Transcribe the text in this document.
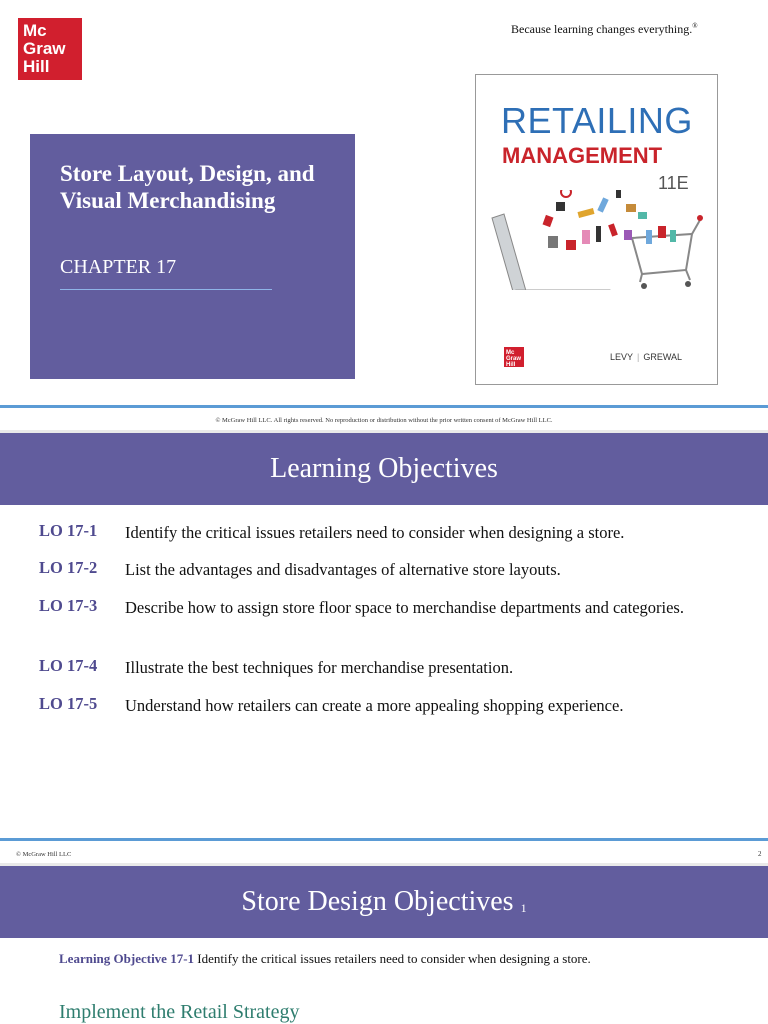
Mc
Graw
Hill
Because learning changes everything.®
Store Layout, Design, and Visual Merchandising
CHAPTER 17
RETAILING
MANAGEMENT
11E
Mc
Graw
Hill
LEVY | GREWAL
© McGraw Hill LLC. All rights reserved. No reproduction or distribution without the prior written consent of McGraw Hill LLC.
Learning Objectives
LO 17-1 Identify the critical issues retailers need to consider when designing a store.
LO 17-2 List the advantages and disadvantages of alternative store layouts.
LO 17-3 Describe how to assign store floor space to merchandise departments and categories.
LO 17-4 Illustrate the best techniques for merchandise presentation.
LO 17-5 Understand how retailers can create a more appealing shopping experience.
© McGraw Hill LLC	2
Store Design Objectives 1
Learning Objective 17-1 Identify the critical issues retailers need to consider when designing a store.
Implement the Retail Strategy
